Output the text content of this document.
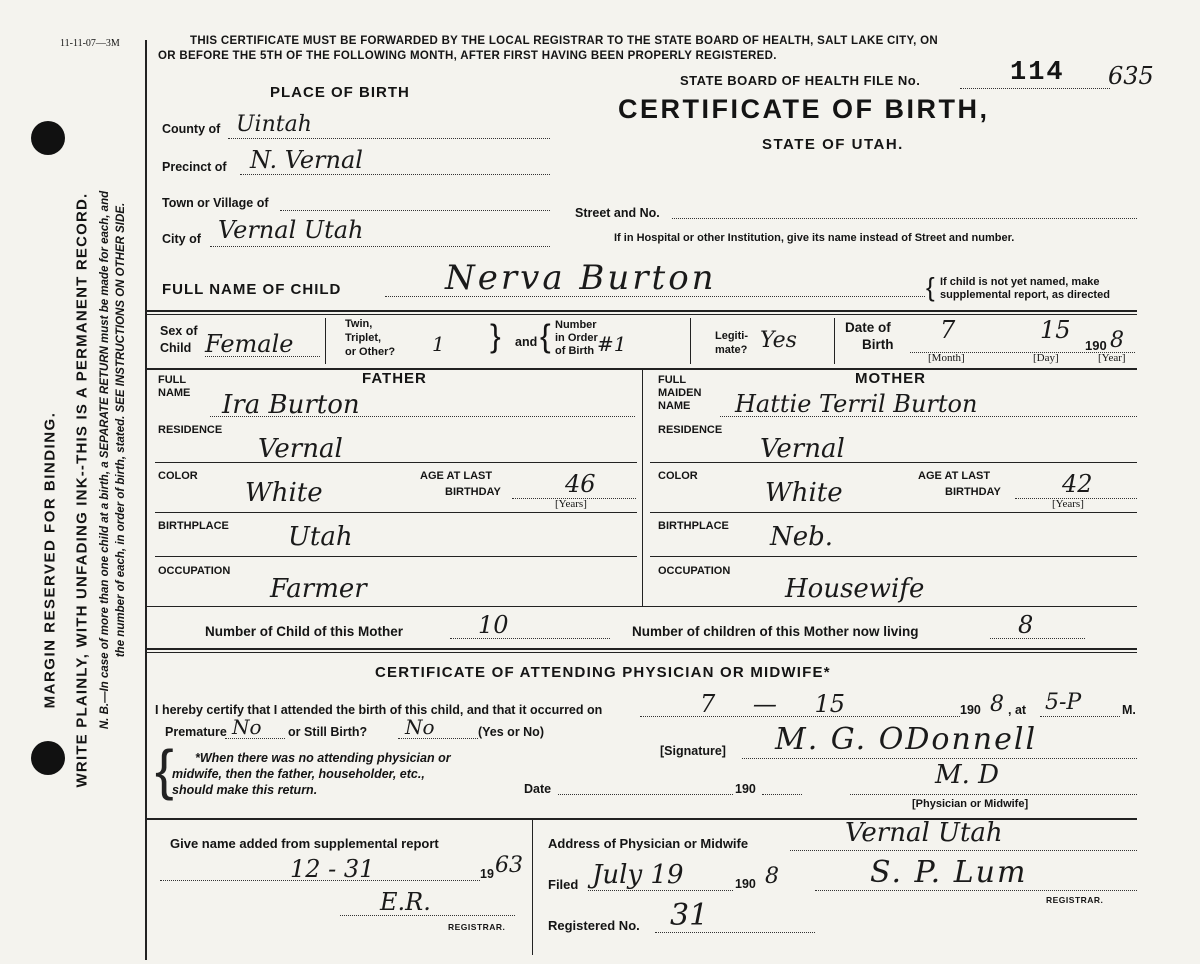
11-11-07—3M
MARGIN RESERVED FOR BINDING. WRITE PLAINLY, WITH UNFADING INK--THIS IS A PERMANENT RECORD. N. B.—In case of more than one child at a birth, a SEPARATE RETURN must be made for each, and the number of each, in order of birth, stated. SEE INSTRUCTIONS ON OTHER SIDE.
THIS CERTIFICATE MUST BE FORWARDED BY THE LOCAL REGISTRAR TO THE STATE BOARD OF HEALTH, SALT LAKE CITY, ON
OR BEFORE THE 5TH OF THE FOLLOWING MONTH, AFTER FIRST HAVING BEEN PROPERLY REGISTERED.
STATE BOARD OF HEALTH FILE No.	114 635
CERTIFICATE OF BIRTH,
STATE OF UTAH.
PLACE OF BIRTH
County of Uintah
Precinct of N. Vernal
Town or Village of
City of Vernal Utah
Street and No.
If in Hospital or other Institution, give its name instead of Street and number.
FULL NAME OF CHILD	Nerva Burton	{ If child is not yet named, make
supplemental report, as directed
Sex of
Child Female
Twin,
Triplet,
or Other? 1 } and { Number
in Order
of Birth #1	Legiti-
mate? Yes
Date of
Birth
7	15
190 8
[Month]	[Day]	[Year]
FATHER
FULL
NAME Ira Burton
RESIDENCE
Vernal
COLOR
White
AGE AT LAST
BIRTHDAY	46
[Years]
BIRTHPLACE Utah
OCCUPATION
Farmer
MOTHER
FULL
MAIDEN
NAME Hattie Terril Burton
RESIDENCE
Vernal
COLOR
White
AGE AT LAST
BIRTHDAY	42
[Years]
BIRTHPLACE Neb.
OCCUPATION
Housewife
Number of Child of this Mother	10	Number of children of this Mother now living	8
CERTIFICATE OF ATTENDING PHYSICIAN OR MIDWIFE*
I hereby certify that I attended the birth of this child, and that it occurred on	7 — 15	190 8 , at 5-P	M.
Premature No or Still Birth? No	(Yes or No)
{ *When there was no attending physician or
midwife, then the father, householder, etc.,
should make this return.
[Signature] M. G. ODonnell
M. D
Date	190
[Physician or Midwife]
Give name added from supplemental report
12 - 31	19 63
E.R.
REGISTRAR.
Address of Physician or Midwife	Vernal Utah
Filed July 19	190 8	S. P. Lum
REGISTRAR.
Registered No. 31
